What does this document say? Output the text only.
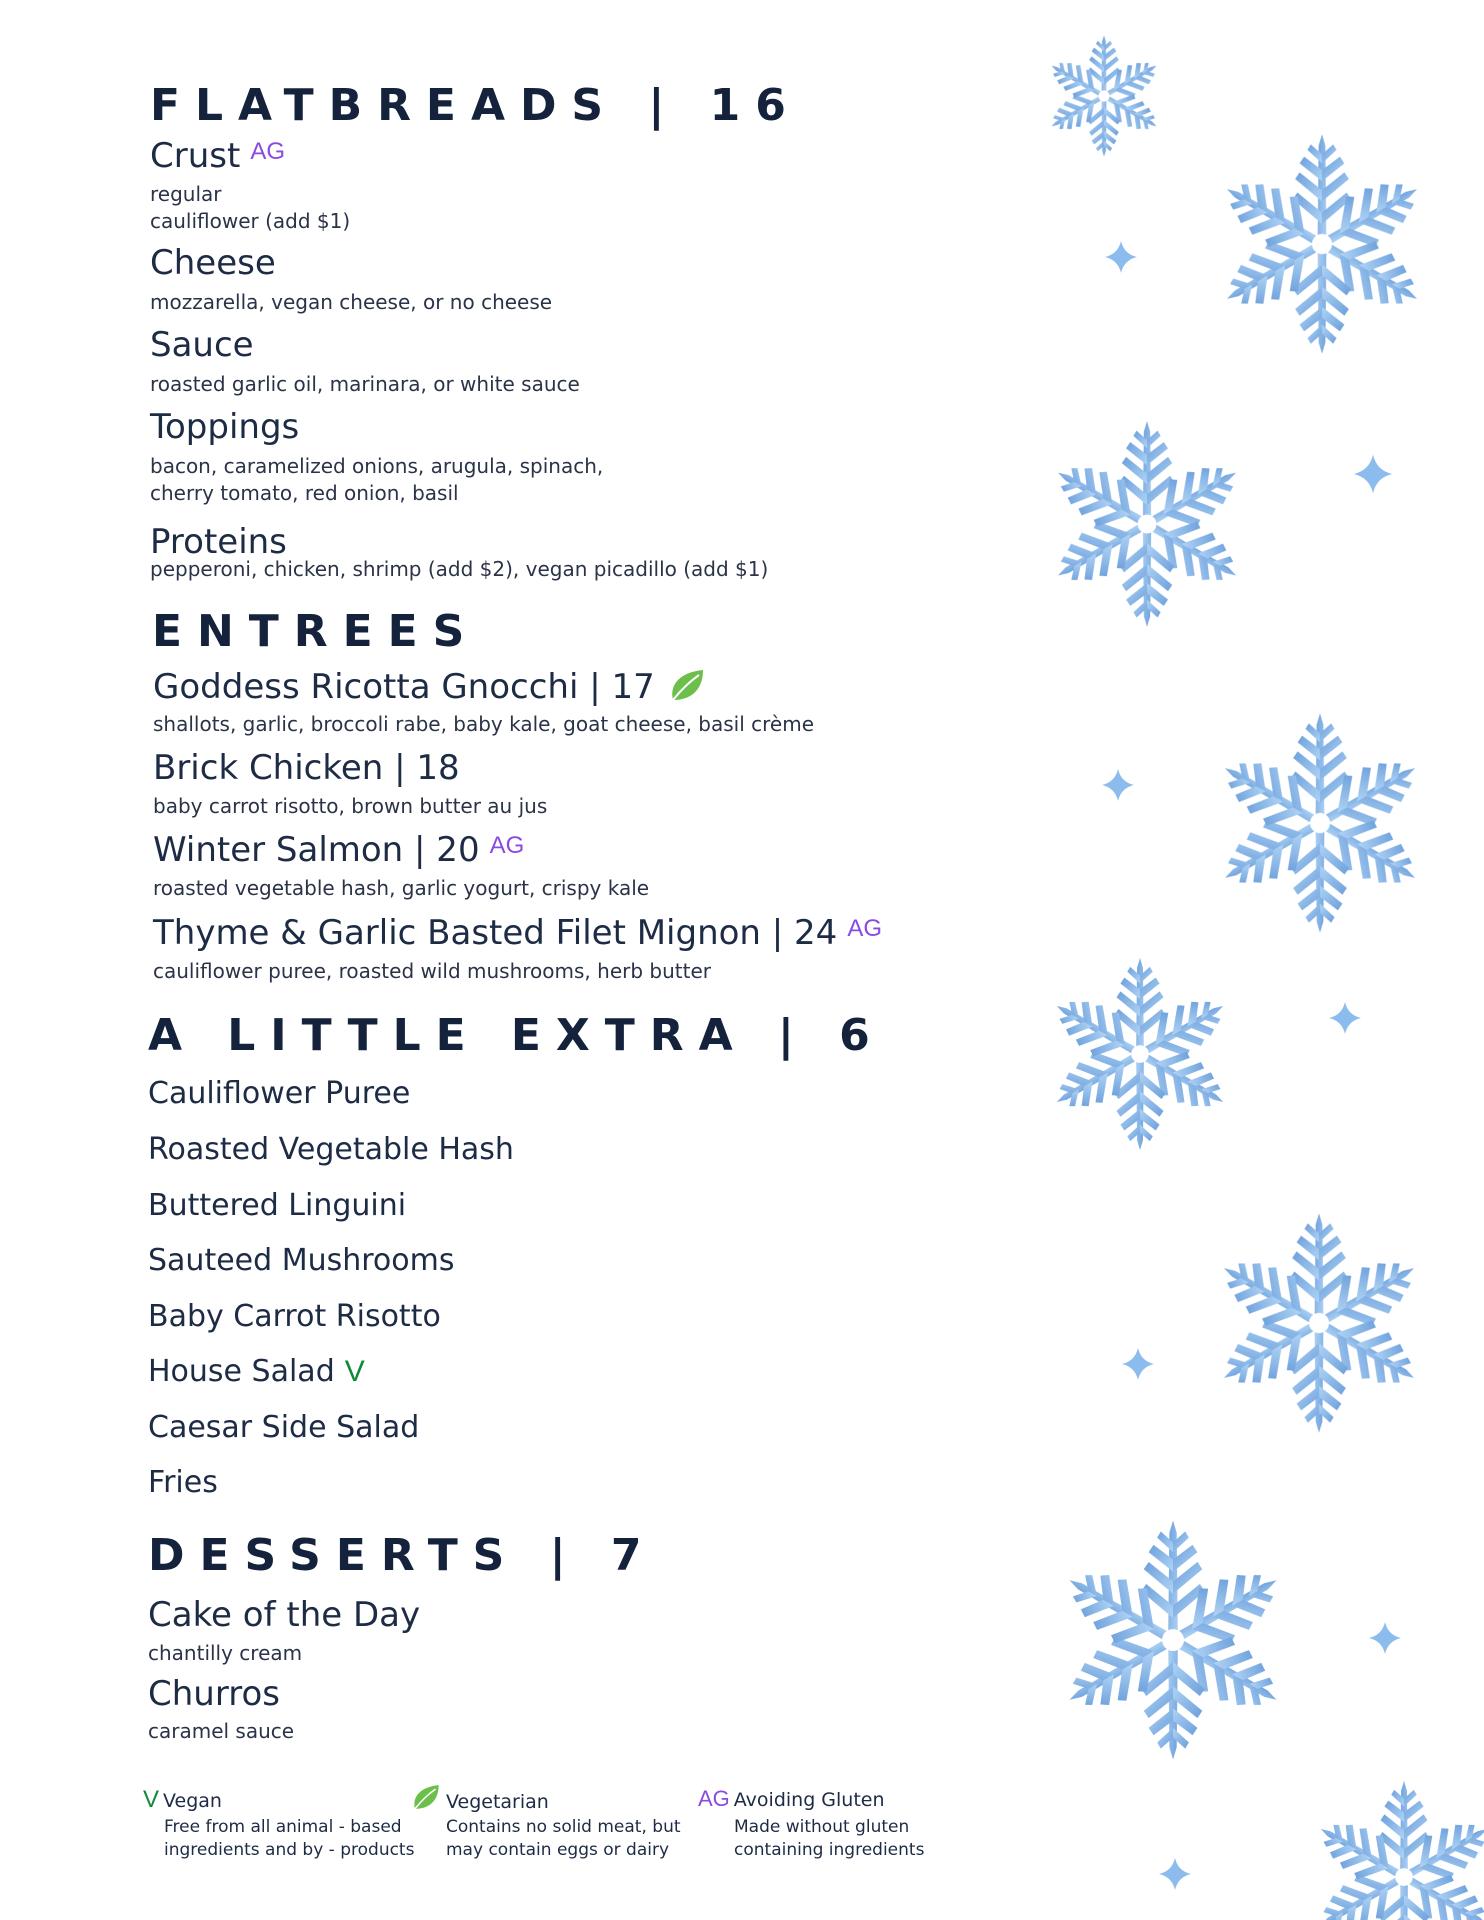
FLATBREADS | 16
Crust $^{AG}$
regular
cauliflower (add $1)
Cheese
mozzarella, vegan cheese, or no cheese
Sauce
roasted garlic oil, marinara, or white sauce
Toppings
bacon, caramelized onions, arugula, spinach,
cherry tomato, red onion, basil
Proteins
pepperoni, chicken, shrimp (add $2), vegan picadillo (add $1)
ENTREES
Goddess Ricotta Gnocchi | 17
shallots, garlic, broccoli rabe, baby kale, goat cheese, basil crème
Brick Chicken | 18
baby carrot risotto, brown butter au jus
Winter Salmon | 20 $^{AG}$
roasted vegetable hash, garlic yogurt, crispy kale
Thyme & Garlic Basted Filet Mignon | 24 $^{AG}$
cauliflower puree, roasted wild mushrooms, herb butter
A LITTLE EXTRA | 6
Cauliflower Puree
Roasted Vegetable Hash
Buttered Linguini
Sauteed Mushrooms
Baby Carrot Risotto
House Salad V
Caesar Side Salad
Fries
DESSERTS | 7
Cake of the Day
chantilly cream
Churros
caramel sauce
V Vegan
Free from all animal - based
ingredients and by - products
Vegetarian
Contains no solid meat, but
may contain eggs or dairy
AG Avoiding Gluten
Made without gluten
containing ingredients
